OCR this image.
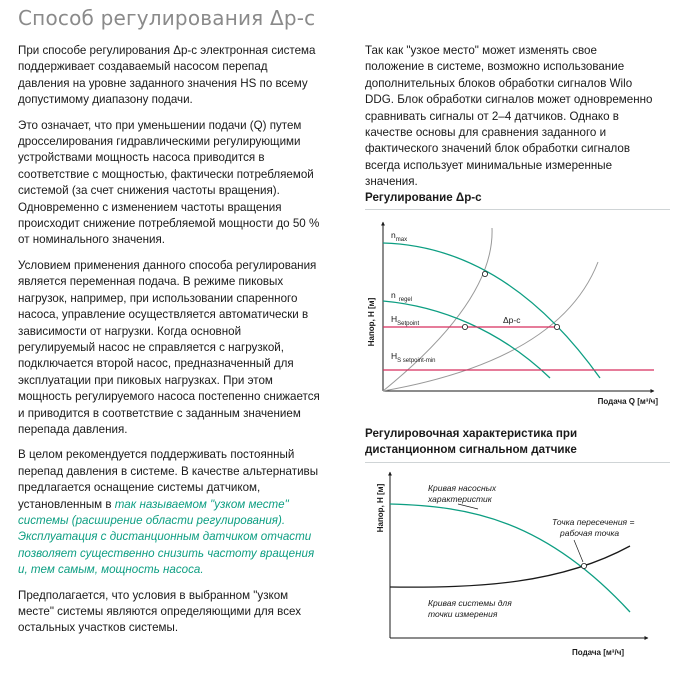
Способ регулирования Δp-c

При способе регулирования Δp-c электронная система поддерживает создаваемый насосом перепад давления на уровне заданного значения HS по всему допустимому диапазону подачи.

Это означает, что при уменьшении подачи (Q) путем дросселирования гидравлическими регулирующими устройствами мощность насоса приводится в соответствие с мощностью, фактически потребляемой системой (за счет снижения частоты вращения). Одновременно с изменением частоты вращения происходит снижение потребляемой мощности до 50 % от номинального значения.

Условием применения данного способа регулирования является переменная подача. В режиме пиковых нагрузок, например, при использовании спаренного насоса, управление осуществляется автоматически в зависимости от нагрузки. Когда основной регулируемый насос не справляется с нагрузкой, подключается второй насос, предназначенный для эксплуатации при пиковых нагрузках. При этом мощность регулируемого насоса постепенно снижается и приводится в соответствие с заданным значением перепада давления.

В целом рекомендуется поддерживать постоянный перепад давления в системе. В качестве альтернативы предлагается оснащение системы датчиком, установленным в так называемом "узком месте" системы (расширение области регулирования). Эксплуатация с дистанционным датчиком отчасти позволяет существенно снизить частоту вращения и, тем самым, мощность насоса.

Предполагается, что условия в выбранном "узком месте" системы являются определяющими для всех остальных участков системы.

Так как "узкое место" может изменять свое положение в системе, возможно использование дополнительных блоков обработки сигналов Wilo DDG. Блок обработки сигналов может одновременно сравнивать сигналы от 2–4 датчиков. Однако в качестве основы для сравнения заданного и фактического значений блок обработки сигналов всегда использует минимальные измеренные значения.

Регулирование Δp-c
Регулировочная характеристика при
дистанционном сигнальном датчике
Напор, H [м]
$n_{max}$
n $_{regel}$
$H_{Setpoint}$
$H_{S setpoint-min}$
Δp-c
Подача Q [м³/ч]
Напор, H [м]	Кривая насосных характеристик
Точка пересечения = рабочая точка
Кривая системы для точки измерения
Подача [м³/ч]
